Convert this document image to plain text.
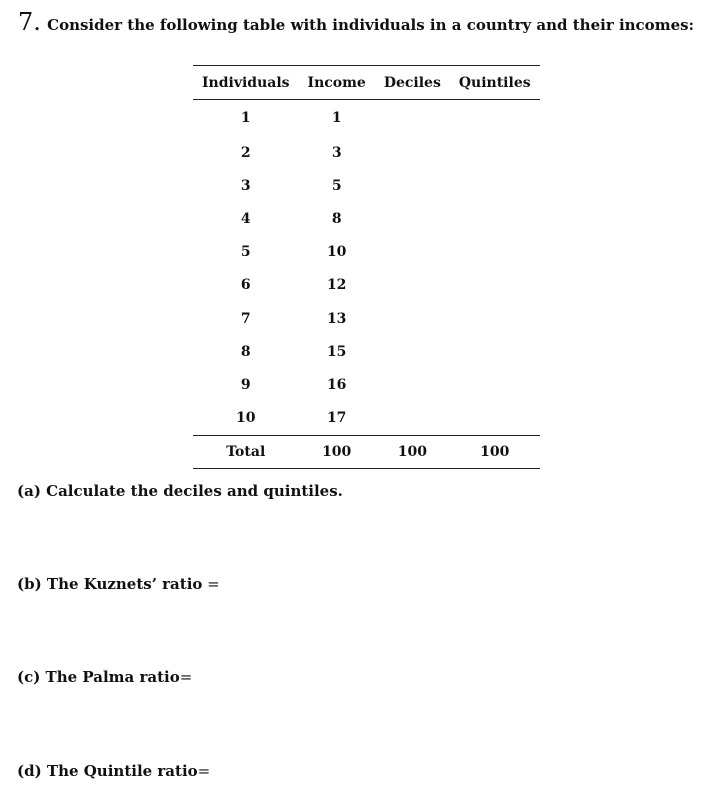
7. Consider the following table with individuals in a country and their incomes:
Individuals	Income	Deciles	Quintiles
1	1		
2	3		
3	5		
4	8		
5	10		
6	12		
7	13		
8	15		
9	16		
10	17		
Total	100	100	100
(a) Calculate the deciles and quintiles.
(b) The Kuznets’ ratio =
(c) The Palma ratio=
(d) The Quintile ratio=
